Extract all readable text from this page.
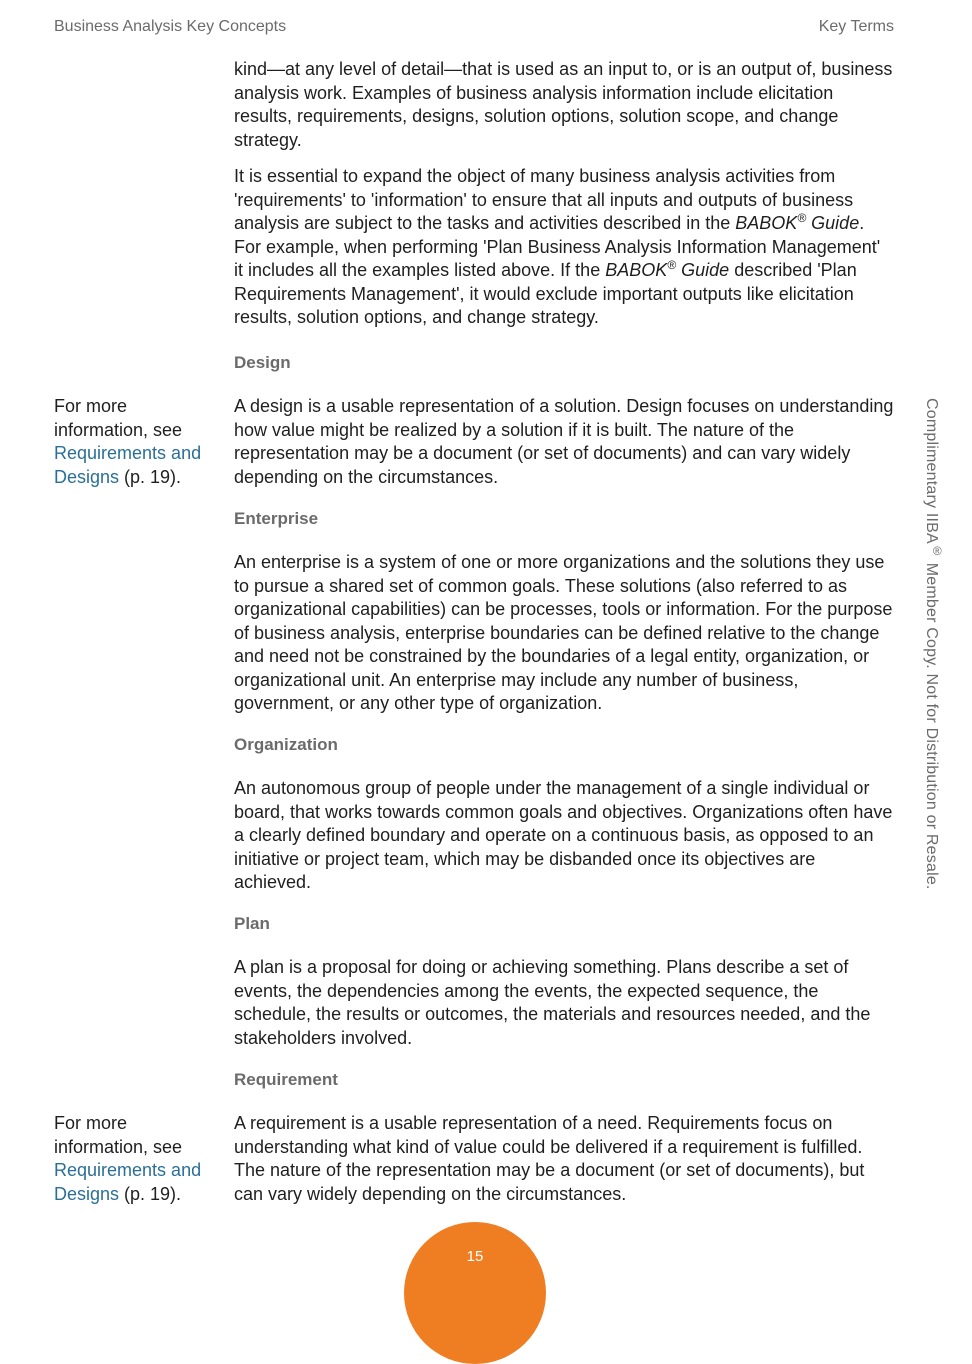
Business Analysis Key Concepts	Key Terms

kind—at any level of detail—that is used as an input to, or is an output of, business analysis work. Examples of business analysis information include elicitation results, requirements, designs, solution options, solution scope, and change strategy.

It is essential to expand the object of many business analysis activities from 'requirements' to 'information' to ensure that all inputs and outputs of business analysis are subject to the tasks and activities described in the BABOK® Guide. For example, when performing 'Plan Business Analysis Information Management' it includes all the examples listed above. If the BABOK® Guide described 'Plan Requirements Management', it would exclude important outputs like elicitation results, solution options, and change strategy.

Design

A design is a usable representation of a solution. Design focuses on understanding how value might be realized by a solution if it is built. The nature of the representation may be a document (or set of documents) and can vary widely depending on the circumstances.

For more information, see Requirements and Designs (p. 19).

Enterprise

An enterprise is a system of one or more organizations and the solutions they use to pursue a shared set of common goals. These solutions (also referred to as organizational capabilities) can be processes, tools or information. For the purpose of business analysis, enterprise boundaries can be defined relative to the change and need not be constrained by the boundaries of a legal entity, organization, or organizational unit. An enterprise may include any number of business, government, or any other type of organization.

Organization

An autonomous group of people under the management of a single individual or board, that works towards common goals and objectives. Organizations often have a clearly defined boundary and operate on a continuous basis, as opposed to an initiative or project team, which may be disbanded once its objectives are achieved.

Plan

A plan is a proposal for doing or achieving something. Plans describe a set of events, the dependencies among the events, the expected sequence, the schedule, the results or outcomes, the materials and resources needed, and the stakeholders involved.

Requirement

A requirement is a usable representation of a need. Requirements focus on understanding what kind of value could be delivered if a requirement is fulfilled. The nature of the representation may be a document (or set of documents), but can vary widely depending on the circumstances.

For more information, see Requirements and Designs (p. 19).

Complimentary IIBA® Member Copy. Not for Distribution or Resale.
15
